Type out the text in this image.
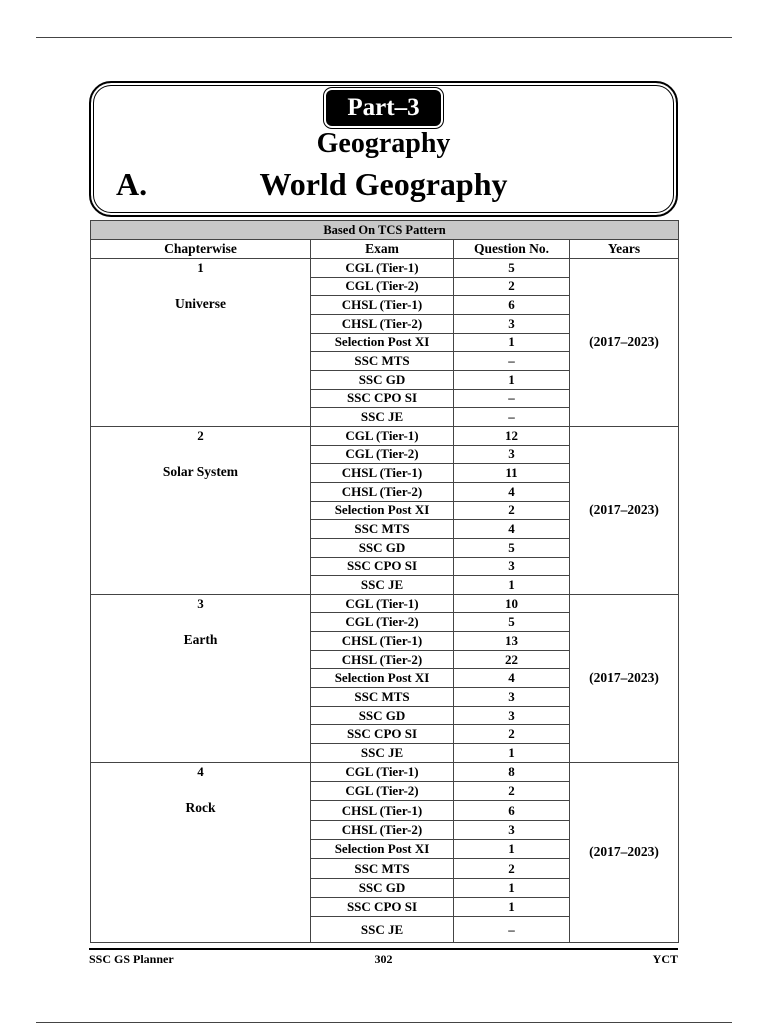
Part–3
Geography
A.	World Geography
Based On TCS Pattern			
Chapterwise	Exam	Question No.	Years

1
Universe	CGL (Tier-1)	5	(2017–2023)
	CGL (Tier-2)	2	
	CHSL (Tier-1)	6	
	CHSL (Tier-2)	3	
	Selection Post XI	1	
	SSC MTS	–	
	SSC GD	1	
	SSC CPO SI	–	
	SSC JE	–	

2
Solar System	CGL (Tier-1)	12	(2017–2023)
	CGL (Tier-2)	3	
	CHSL (Tier-1)	11	
	CHSL (Tier-2)	4	
	Selection Post XI	2	
	SSC MTS	4	
	SSC GD	5	
	SSC CPO SI	3	
	SSC JE	1	

3
Earth	CGL (Tier-1)	10	(2017–2023)
	CGL (Tier-2)	5	
	CHSL (Tier-1)	13	
	CHSL (Tier-2)	22	
	Selection Post XI	4	
	SSC MTS	3	
	SSC GD	3	
	SSC CPO SI	2	
	SSC JE	1	

4
Rock	CGL (Tier-1)	8	(2017–2023)
	CGL (Tier-2)	2	
	CHSL (Tier-1)	6	
	CHSL (Tier-2)	3	
	Selection Post XI	1	
	SSC MTS	2	
	SSC GD	1	
	SSC CPO SI	1	
	SSC JE	–	
SSC GS Planner	302	YCT
